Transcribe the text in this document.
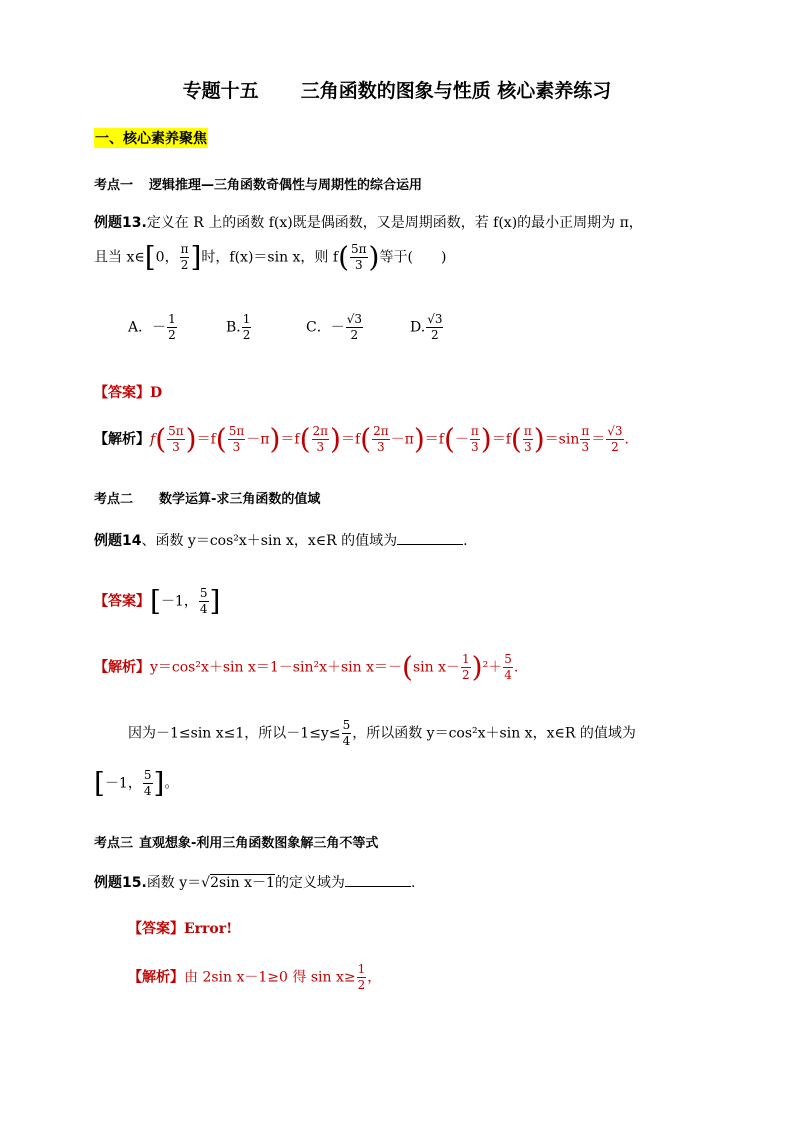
专题十五 三角函数的图象与性质 核心素养练习
一、核心素养聚焦
考点一 逻辑推理—三角函数奇偶性与周期性的综合运用
例题13.定义在 R 上的函数 f(x)既是偶函数，又是周期函数，若 f(x)的最小正周期为 π，
且当 x∈[0， $\frac{\pi}{2}$ ]时，f(x)＝sin x，则 $f( \frac{5\pi}{3}$ )等于(　　)
A．－ $\frac{1}{2}$	B. $\frac{1}{2}$	C．－ $\frac{√3}{2}$	D. $\frac{√3}{2}$
【答案】D
【解析】$f( \frac{5\pi}{3} )=f( \frac{5\pi}{3} -\pi)=f( \frac{2\pi}{3} )=f( \frac{2\pi}{3} -\pi)=f(- \frac{\pi}{3} )=f( \frac{\pi}{3} )=\sin \frac{\pi}{3} = \frac{√3}{2}$ .
考点二 数学运算-求三角函数的值域
例题14、函数 y＝cos²x＋sin x，x∈R 的值域为	.
【答案】[－1， $\frac{5}{4}$ ]
【解析】y＝cos²x＋sin x＝1－sin²x＋sin x＝－(sin $x- \frac{1}{2} )^2+ \frac{5}{4}$ .
因为－1≤sin x≤1，所以$-1\le y\le \frac{5}{4}$ ，所以函数 y＝cos²x＋sin x，x∈R 的值域为
[－1， $\frac{5}{4}$ ]。
考点三 直观想象-利用三角函数图象解三角不等式
例题15.函数 y＝√2sin x－1的定义域为	.
【答案】Error!
【解析】由 2sin x－1≥0 得 $\sin x\ge \frac{1}{2}$ ，
